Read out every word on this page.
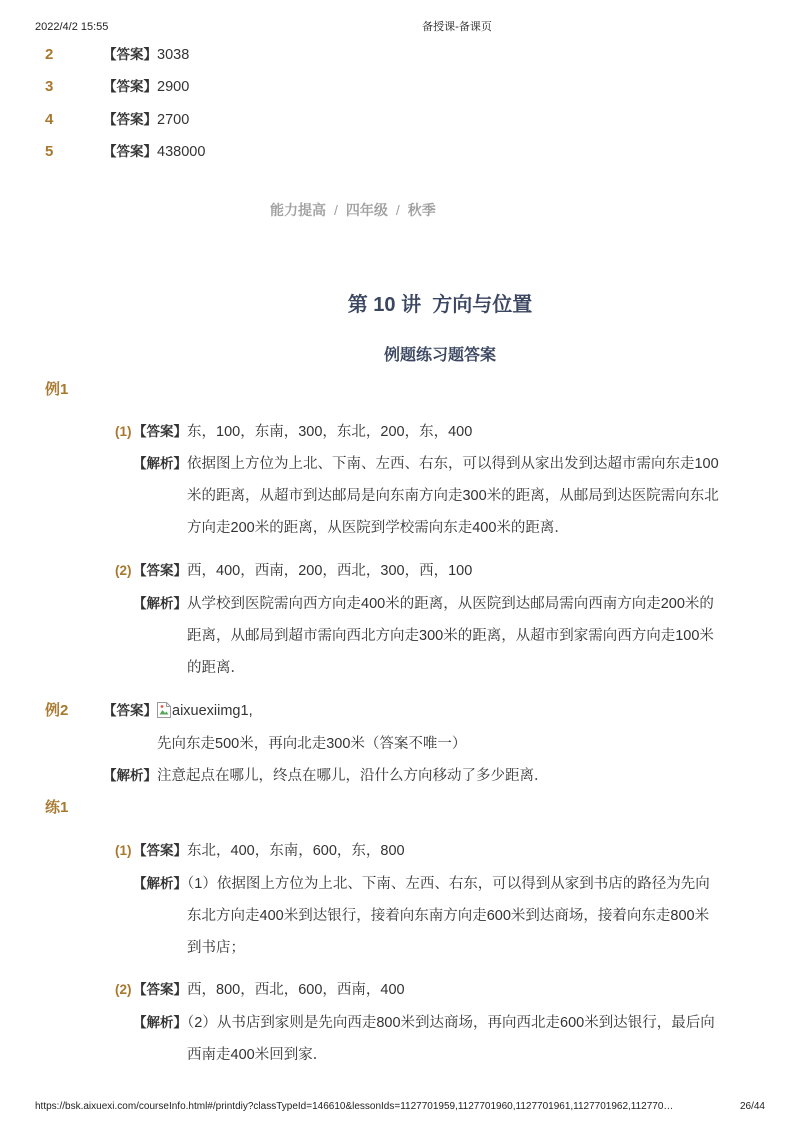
2022/4/2 15:55	备授课-备课页
2	【答案】3038
3	【答案】2900
4	【答案】2700
5	【答案】438000
能力提高 / 四年级 / 秋季
第 10 讲  方向与位置
例题练习题答案
例1
(1) 【答案】东，100，东南，300，东北，200，东，400
【解析】依据图上方位为上北、下南、左西、右东，可以得到从家出发到达超市需向东走100
米的距离，从超市到达邮局是向东南方向走300米的距离，从邮局到达医院需向东北
方向走200米的距离，从医院到学校需向东走400米的距离．
(2) 【答案】西，400，西南，200，西北，300，西，100
【解析】从学校到医院需向西方向走400米的距离，从医院到达邮局需向西南方向走200米的
距离，从邮局到超市需向西北方向走300米的距离，从超市到家需向西方向走100米
的距离．
例2	【答案】 aixuexiimg1,
先向东走500米，再向北走300米（答案不唯一）
【解析】注意起点在哪儿，终点在哪儿，沿什么方向移动了多少距离．
练1
(1) 【答案】东北，400，东南，600，东，800
【解析】（1）依据图上方位为上北、下南、左西、右东，可以得到从家到书店的路径为先向
东北方向走400米到达银行，接着向东南方向走600米到达商场，接着向东走800米
到书店；
(2) 【答案】西，800，西北，600，西南，400
【解析】（2）从书店到家则是先向西走800米到达商场，再向西北走600米到达银行，最后向
西南走400米回到家．
https://bsk.aixuexi.com/courseInfo.html#/printdiy?classTypeId=146610&lessonIds=1127701959,1127701960,1127701961,1127701962,112770…	26/44
